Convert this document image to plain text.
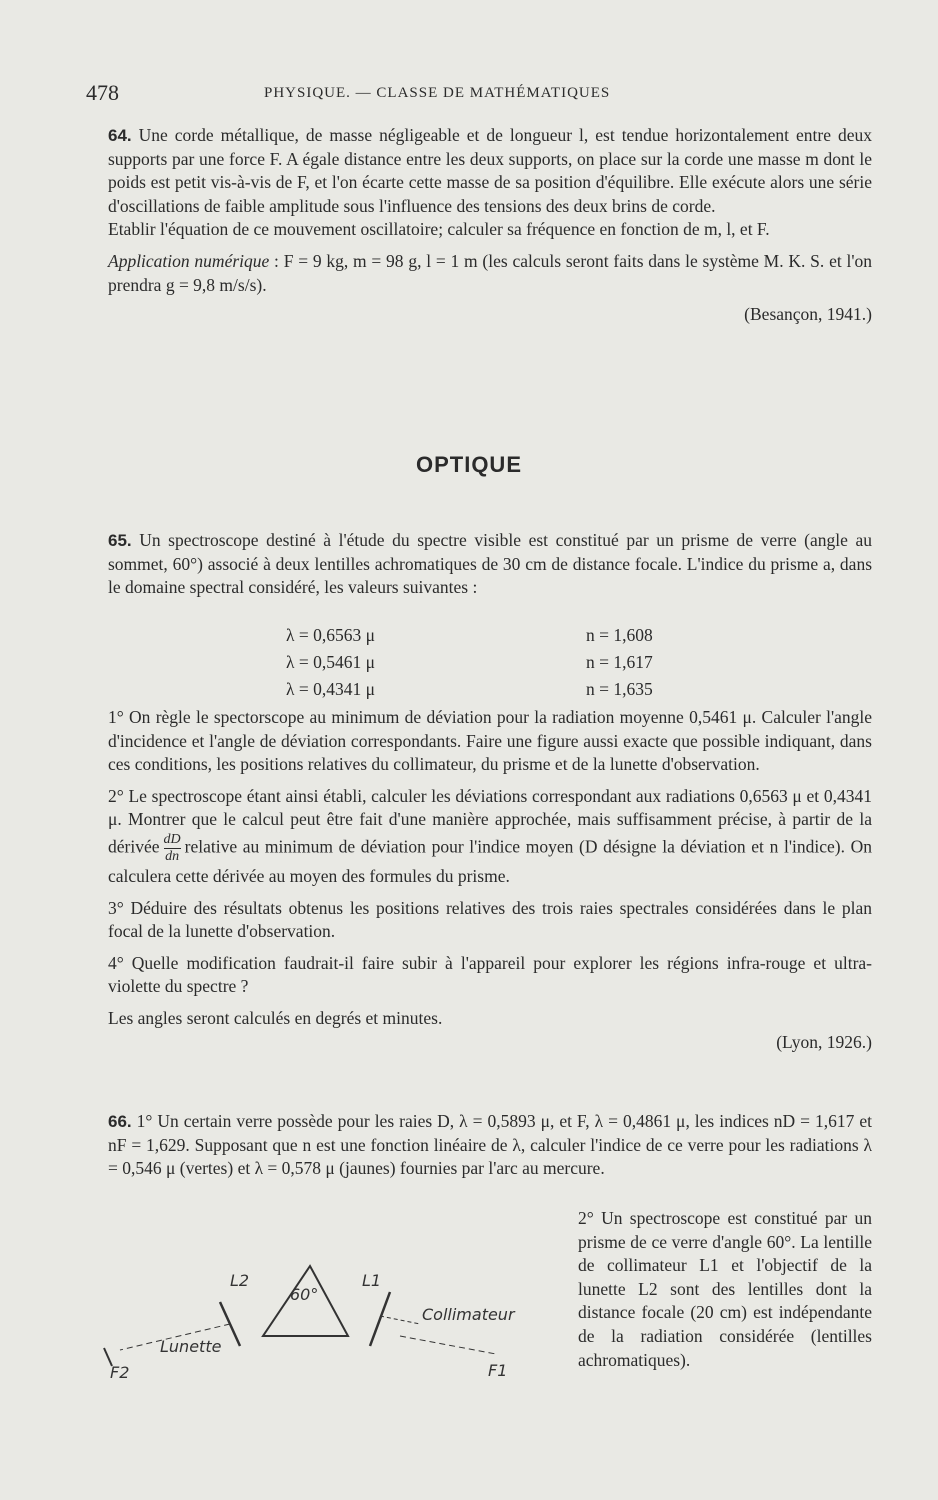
478	PHYSIQUE. — CLASSE DE MATHÉMATIQUES

64. Une corde métallique, de masse négligeable et de longueur l, est tendue horizontalement entre deux supports par une force F. A égale distance entre les deux supports, on place sur la corde une masse m dont le poids est petit vis-à-vis de F, et l'on écarte cette masse de sa position d'équilibre. Elle exécute alors une série d'oscillations de faible amplitude sous l'influence des tensions des deux brins de corde.

Etablir l'équation de ce mouvement oscillatoire; calculer sa fréquence en fonction de m, l, et F.

Application numérique : F = 9 kg, m = 98 g, l = 1 m (les calculs seront faits dans le système M. K. S. et l'on prendra g = 9,8 m/s/s).

(Besançon, 1941.)

OPTIQUE

65. Un spectroscope destiné à l'étude du spectre visible est constitué par un prisme de verre (angle au sommet, 60°) associé à deux lentilles achromatiques de 30 cm de distance focale. L'indice du prisme a, dans le domaine spectral considéré, les valeurs suivantes :

λ = 0,6563 μ	n = 1,608
λ = 0,5461 μ	n = 1,617
λ = 0,4341 μ	n = 1,635

1° On règle le spectorscope au minimum de déviation pour la radiation moyenne 0,5461 μ. Calculer l'angle d'incidence et l'angle de déviation correspondants. Faire une figure aussi exacte que possible indiquant, dans ces conditions, les positions relatives du collimateur, du prisme et de la lunette d'observation.

2° Le spectroscope étant ainsi établi, calculer les déviations correspondant aux radiations 0,6563 μ et 0,4341 μ. Montrer que le calcul peut être fait d'une manière approchée, mais suffisamment précise, à partir de la dérivée $\frac{dD}{dn}$ relative au minimum de déviation pour l'indice moyen (D désigne la déviation et n l'indice). On calculera cette dérivée au moyen des formules du prisme.

3° Déduire des résultats obtenus les positions relatives des trois raies spectrales considérées dans le plan focal de la lunette d'observation.

4° Quelle modification faudrait-il faire subir à l'appareil pour explorer les régions infra-rouge et ultra-violette du spectre ?

Les angles seront calculés en degrés et minutes.

(Lyon, 1926.)

66. 1° Un certain verre possède pour les raies D, λ = 0,5893 μ, et F, λ = 0,4861 μ, les indices nD = 1,617 et nF = 1,629. Supposant que n est une fonction linéaire de λ, calculer l'indice de ce verre pour les radiations λ = 0,546 μ (vertes) et λ = 0,578 μ (jaunes) fournies par l'arc au mercure.

2° Un spectroscope est constitué par un prisme de ce verre d'angle 60°. La lentille de collimateur L1 et l'objectif de la lunette L2 sont des lentilles dont la distance focale (20 cm) est indépendante de la radiation considérée (lentilles achromatiques).

60°
L2	L1
Collimateur
Lunette
F2	F1
